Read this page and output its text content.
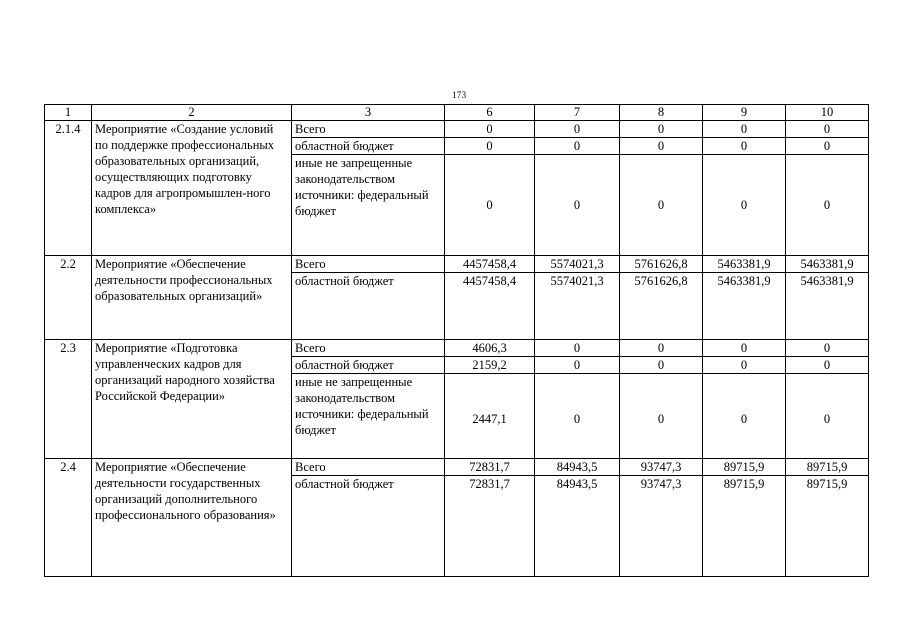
173
1	2	3	6	7	8	9	10
2.1.4	Мероприятие «Создание условий по поддержке профессиональных образовательных организаций, осуществляющих подготовку кадров для агропромышлен-ного комплекса»	Всего	0	0	0	0	0
		областной бюджет	0	0	0	0	0
		иные не запрещенные законодательством источники: федеральный бюджет	0	0	0	0	0
2.2	Мероприятие «Обеспечение деятельности профессиональных образовательных организаций»	Всего	4457458,4	5574021,3	5761626,8	5463381,9	5463381,9
		областной бюджет	4457458,4	5574021,3	5761626,8	5463381,9	5463381,9
2.3	Мероприятие «Подготовка управленческих кадров для организаций народного хозяйства Российской Федерации»	Всего	4606,3	0	0	0	0
		областной бюджет	2159,2	0	0	0	0
		иные не запрещенные законодательством источники: федеральный бюджет	2447,1	0	0	0	0
2.4	Мероприятие «Обеспечение деятельности государственных организаций дополнительного профессионального образования»	Всего	72831,7	84943,5	93747,3	89715,9	89715,9
		областной бюджет	72831,7	84943,5	93747,3	89715,9	89715,9
